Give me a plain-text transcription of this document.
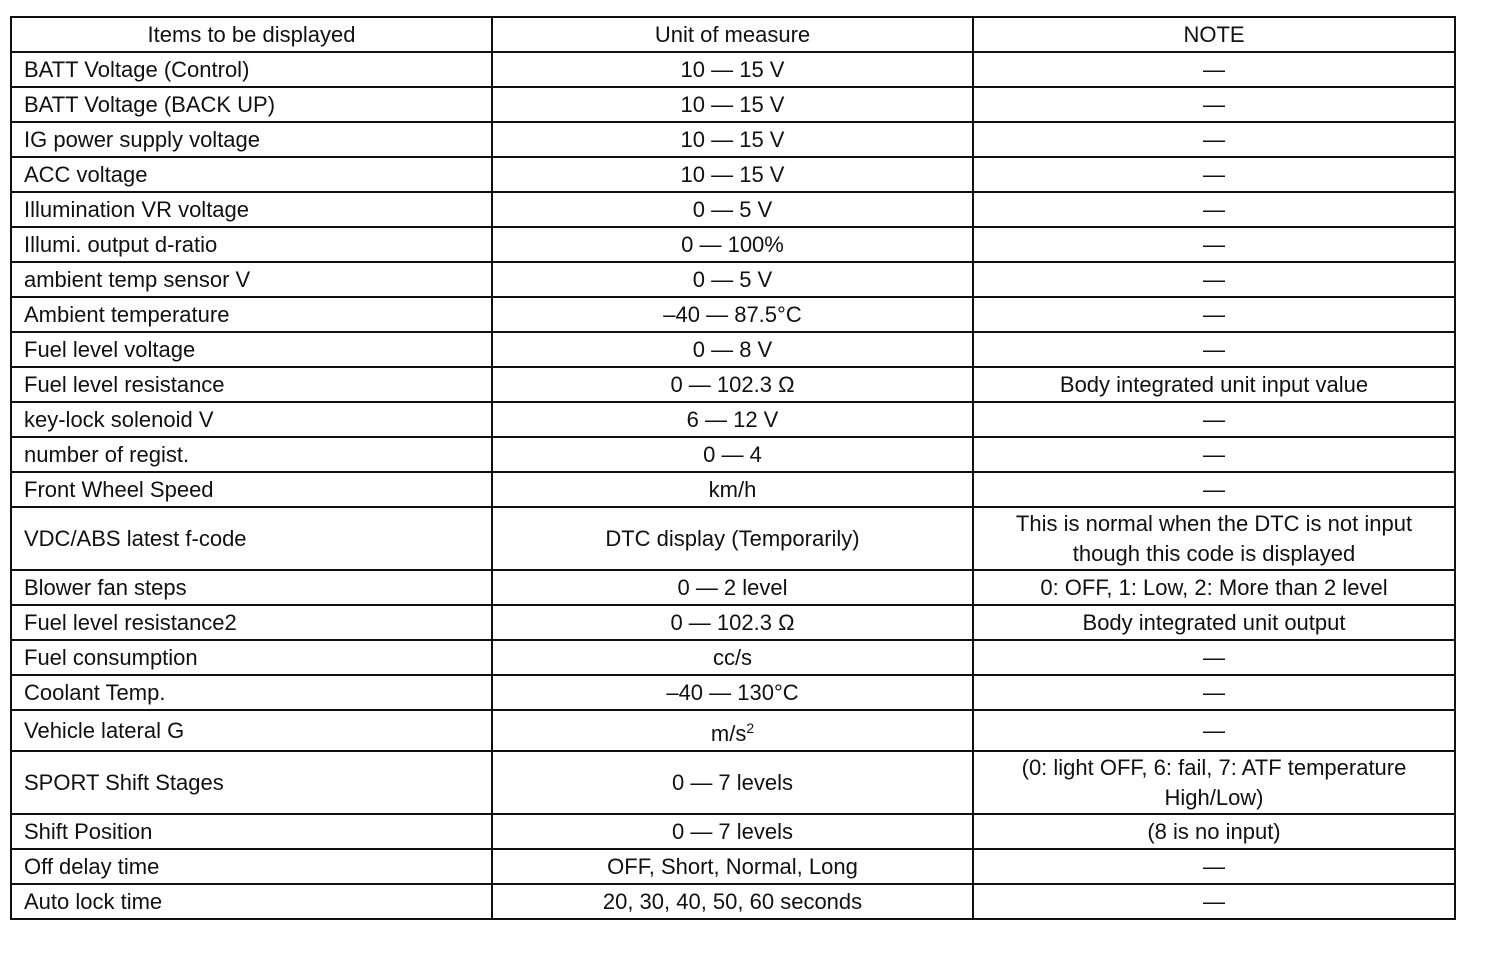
Items to be displayed	Unit of measure	NOTE
BATT Voltage (Control)	10 — 15 V	—
BATT Voltage (BACK UP)	10 — 15 V	—
IG power supply voltage	10 — 15 V	—
ACC voltage	10 — 15 V	—
Illumination VR voltage	0 — 5 V	—
Illumi. output d-ratio	0 — 100%	—
ambient temp sensor V	0 — 5 V	—
Ambient temperature	–40 — 87.5°C	—
Fuel level voltage	0 — 8 V	—
Fuel level resistance	0 — 102.3 Ω	Body integrated unit input value
key-lock solenoid V	6 — 12 V	—
number of regist.	0 — 4	—
Front Wheel Speed	km/h	—
VDC/ABS latest f-code	DTC display (Temporarily)	This is normal when the DTC is not input though this code is displayed
Blower fan steps	0 — 2 level	0: OFF, 1: Low, 2: More than 2 level
Fuel level resistance2	0 — 102.3 Ω	Body integrated unit output
Fuel consumption	cc/s	—
Coolant Temp.	–40 — 130°C	—
Vehicle lateral G	$m/s^2$	—
SPORT Shift Stages	0 — 7 levels	(0: light OFF, 6: fail, 7: ATF temperature High/Low)
Shift Position	0 — 7 levels	(8 is no input)
Off delay time	OFF, Short, Normal, Long	—
Auto lock time	20, 30, 40, 50, 60 seconds	—
